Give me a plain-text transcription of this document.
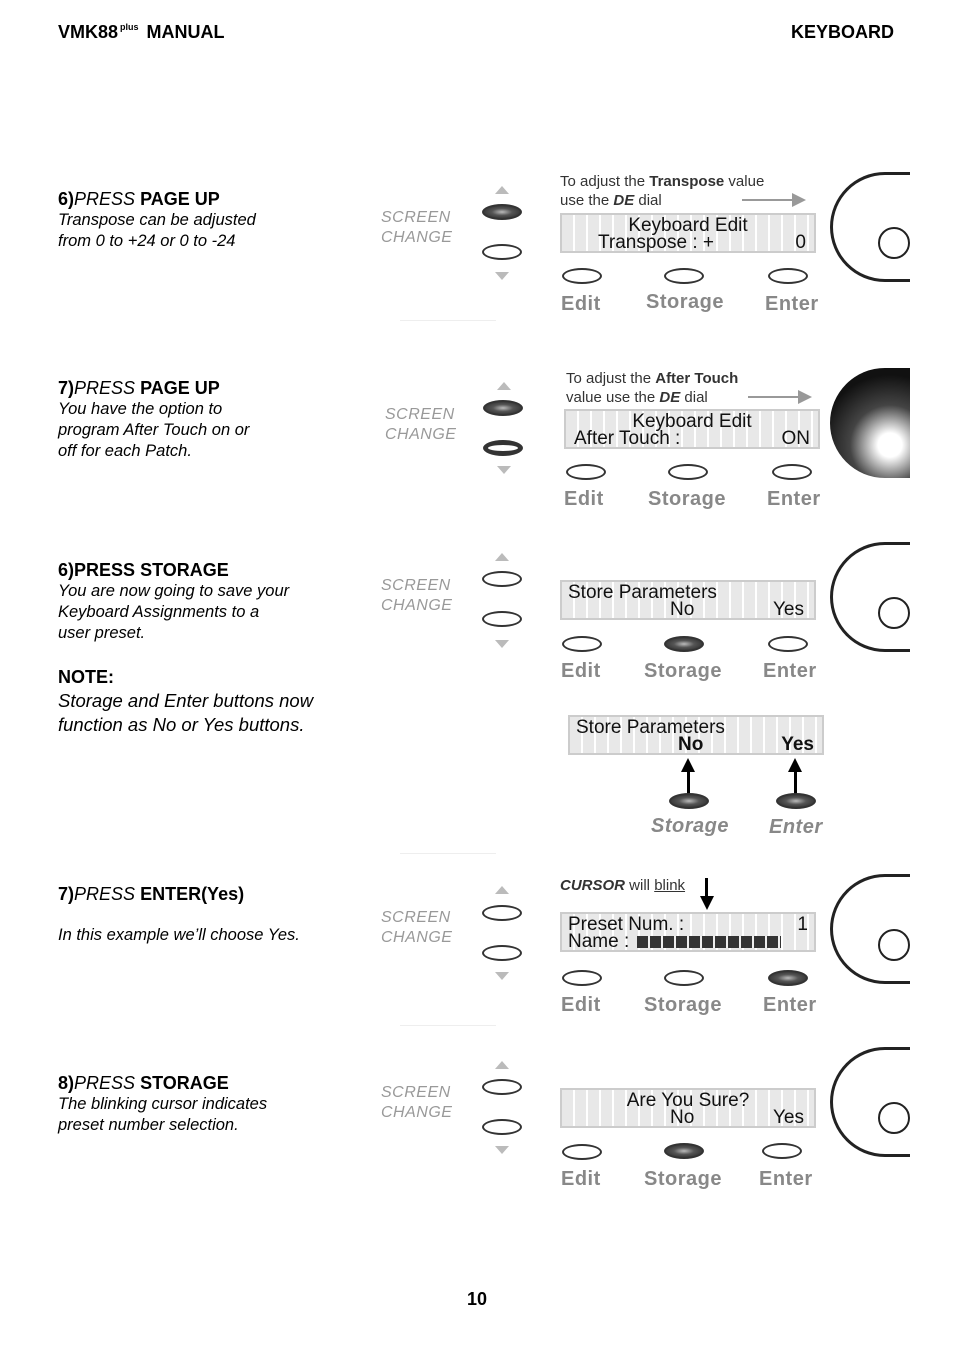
VMK88 $^{plus}$ MANUAL	KEYBOARD
6)PRESS PAGE UP

Transpose can be adjusted

from 0 to +24 or 0 to -24

SCREEN
CHANGE
To adjust the Transpose value
use the DE dial
Keyboard Edit
Transpose : +	0
Edit Storage Enter
7)PRESS PAGE UP

You have the option to

program After Touch on or

off for each Patch.

SCREEN
CHANGE
To adjust the After Touch
value use the DE dial
Keyboard Edit
After Touch :	ON
Edit Storage Enter
6)PRESS STORAGE

You are now going to save your

Keyboard Assignments to a

user preset.

NOTE:
Storage and Enter buttons now
function as No or Yes buttons.
SCREEN
CHANGE
Store Parameters
No	Yes
Edit Storage Enter
Store Parameters
No	Yes
Storage Enter
7)PRESS ENTER(Yes)

In this example we’ll choose Yes.

SCREEN
CHANGE
CURSOR will blink
Preset Num. :	1
Name :
Edit Storage Enter
8)PRESS STORAGE

The blinking cursor indicates

preset number selection.

SCREEN
CHANGE
Are You Sure?
No	Yes
Edit Storage Enter
10
